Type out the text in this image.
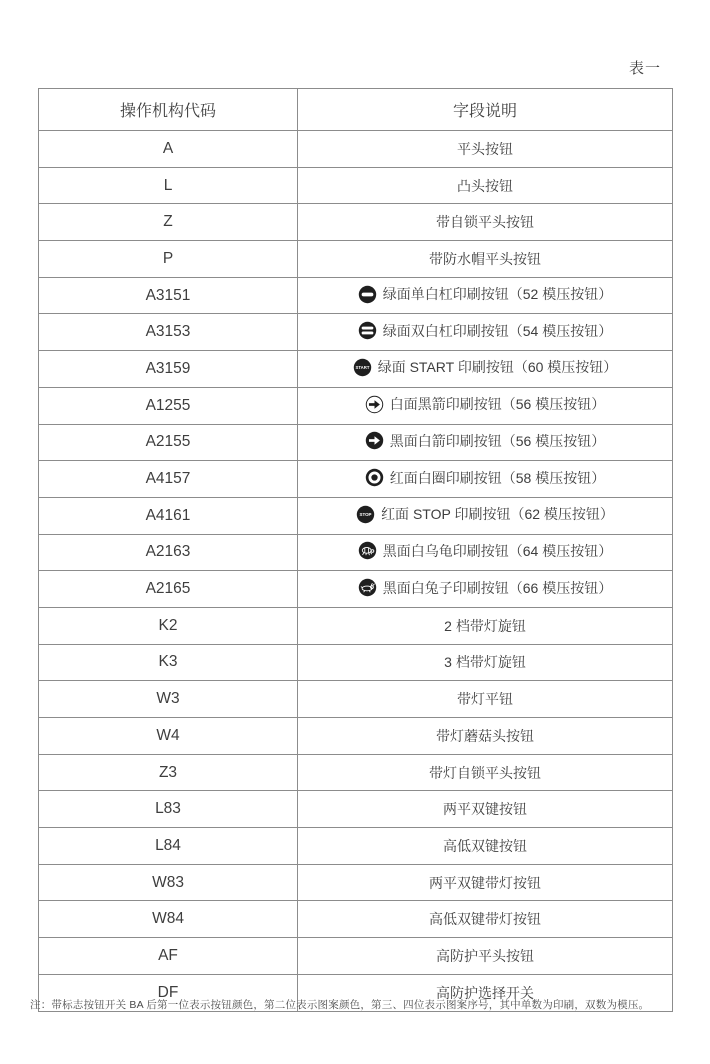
表一
操作机构代码	字段说明
A	平头按钮

L	凸头按钮

Z	带自锁平头按钮

P	带防水帽平头按钮

A3151	绿面单白杠印刷按钮（52 模压按钮）

A3153	绿面双白杠印刷按钮（54 模压按钮）

A3159	START 绿面 START 印刷按钮（60 模压按钮）

A1255	白面黑箭印刷按钮（56 模压按钮）

A2155	黑面白箭印刷按钮（56 模压按钮）

A4157	红面白圈印刷按钮（58 模压按钮）

A4161	STOP 红面 STOP 印刷按钮（62 模压按钮）

A2163	黑面白乌龟印刷按钮（64 模压按钮）

A2165	黑面白兔子印刷按钮（66 模压按钮）

K2	2 档带灯旋钮

K3	3 档带灯旋钮

W3	带灯平钮

W4	带灯蘑菇头按钮

Z3	带灯自锁平头按钮

L83	两平双键按钮

L84	高低双键按钮

W83	两平双键带灯按钮

W84	高低双键带灯按钮

AF	高防护平头按钮

DF	高防护选择开关

注：带标志按钮开关 BA 后第一位表示按钮颜色，第二位表示图案颜色，第三、四位表示图案序号，其中单数为印刷，双数为模压。
